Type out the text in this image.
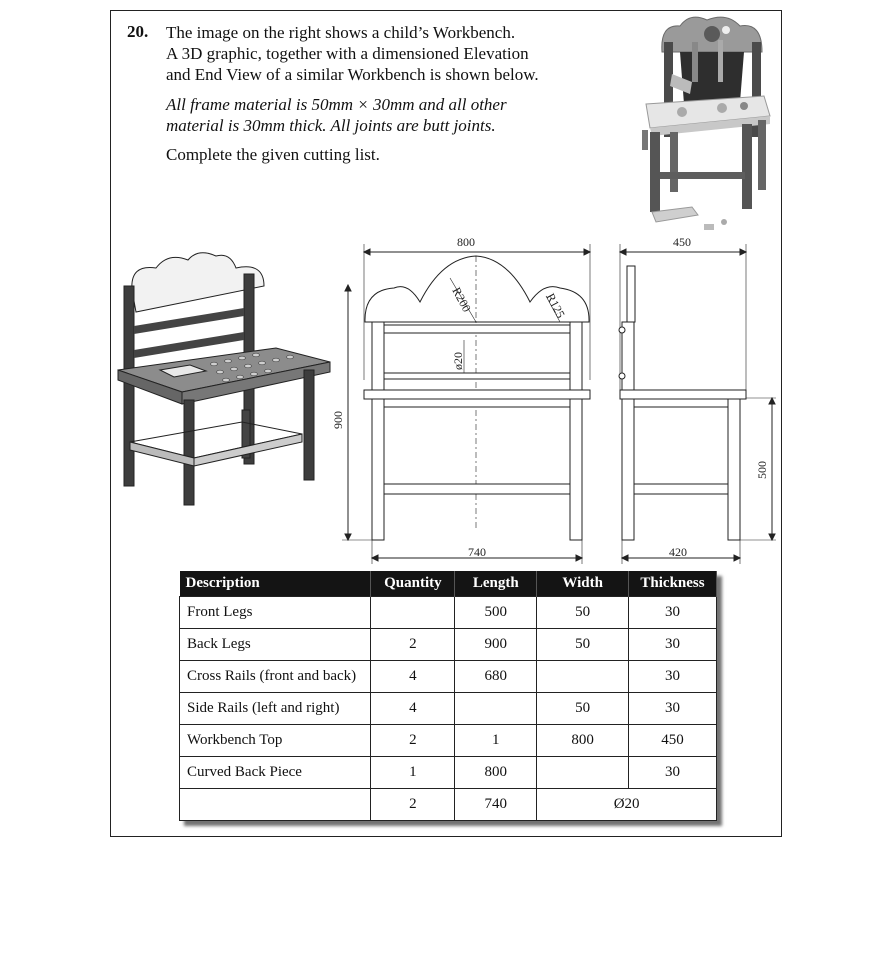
20. The image on the right shows a child’s Workbench.
A 3D graphic, together with a dimensioned Elevation
and End View of a similar Workbench is shown below.
All frame material is 50mm × 30mm and all other
material is 30mm thick. All joints are butt joints.
Complete the given cutting list.
800
900
740
R200	R125
ø20
450
420
500
Description	Quantity	Length	Width	Thickness
Front Legs		500	50	30
Back Legs	2	900	50	30
Cross Rails (front and back)	4	680		30
Side Rails (left and right)	4		50	30
Workbench Top	2	1	800	450
Curved Back Piece	1	800		30
	2	740	Ø20	
